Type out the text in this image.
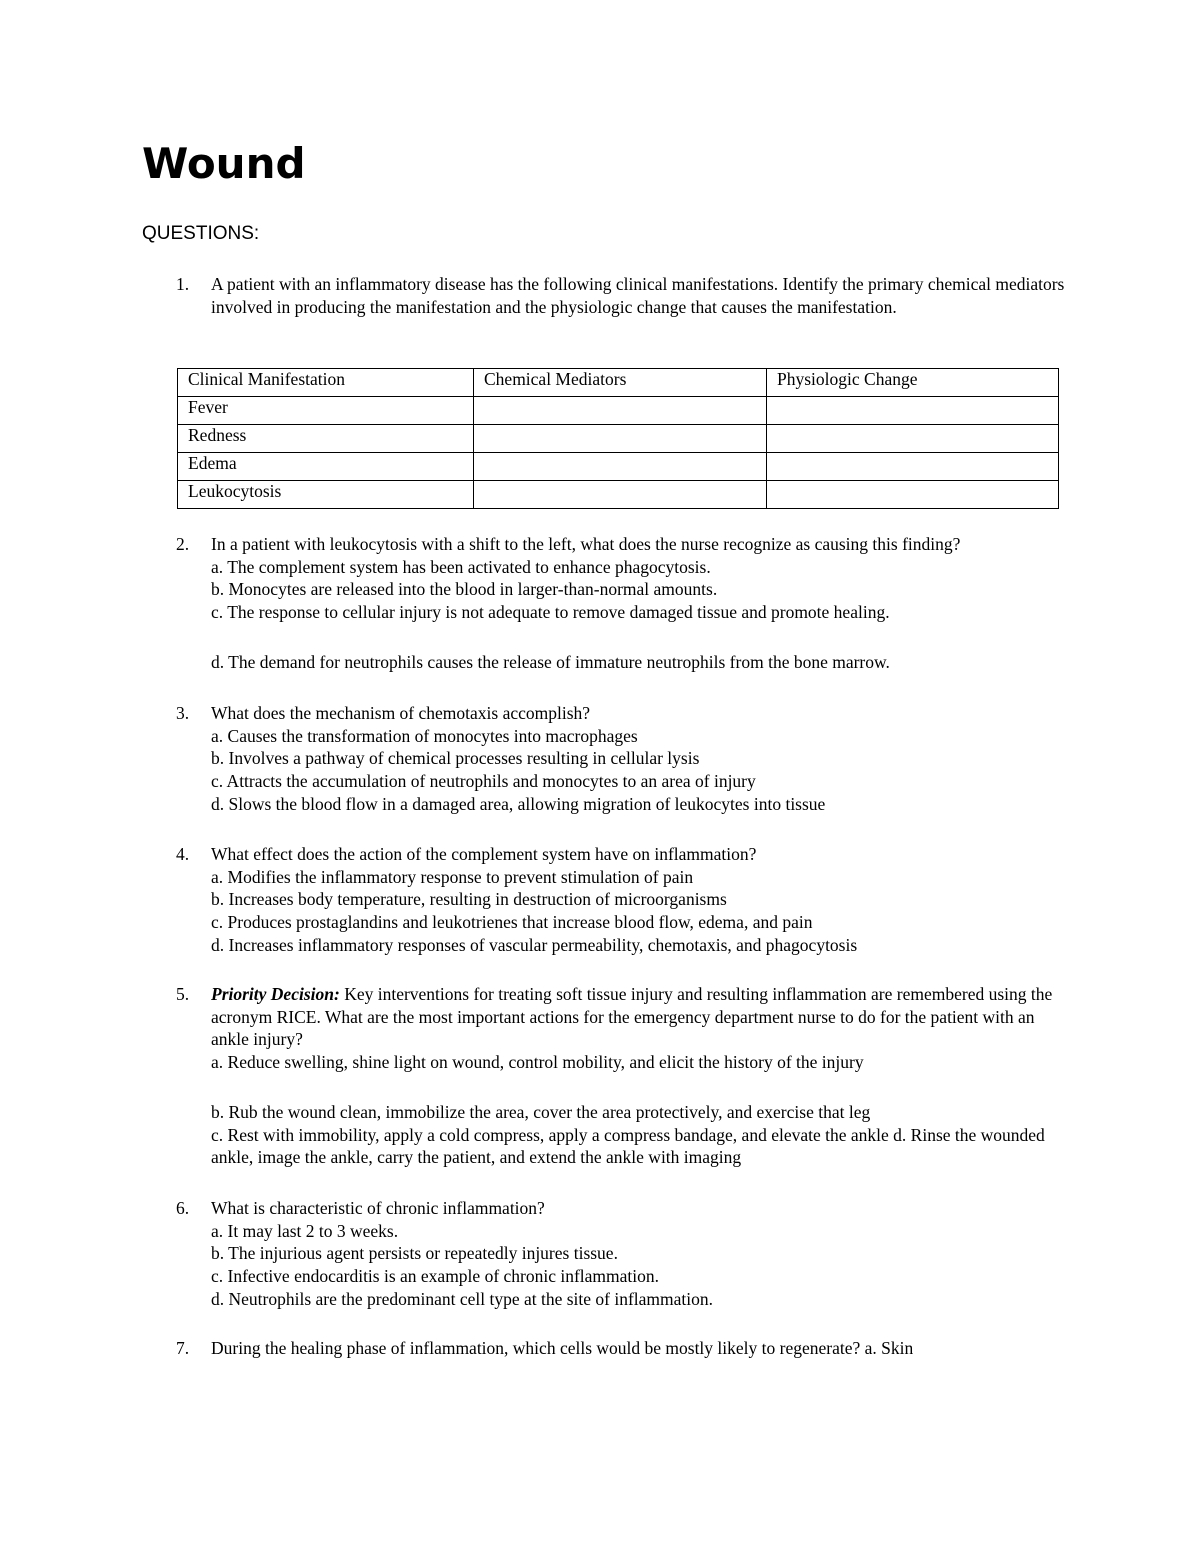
Wound
QUESTIONS:
1. A patient with an inflammatory disease has the following clinical manifestations. Identify the primary chemical mediators involved in producing the manifestation and the physiologic change that causes the manifestation.
Clinical Manifestation	Chemical Mediators	Physiologic Change
Fever		
Redness		
Edema		
Leukocytosis		
2. In a patient with leukocytosis with a shift to the left, what does the nurse recognize as causing this finding?
a. The complement system has been activated to enhance phagocytosis.
b. Monocytes are released into the blood in larger-than-normal amounts.
c. The response to cellular injury is not adequate to remove damaged tissue and promote healing.
d. The demand for neutrophils causes the release of immature neutrophils from the bone marrow.
3. What does the mechanism of chemotaxis accomplish?
a. Causes the transformation of monocytes into macrophages
b. Involves a pathway of chemical processes resulting in cellular lysis
c. Attracts the accumulation of neutrophils and monocytes to an area of injury
d. Slows the blood flow in a damaged area, allowing migration of leukocytes into tissue
4. What effect does the action of the complement system have on inflammation?
a. Modifies the inflammatory response to prevent stimulation of pain
b. Increases body temperature, resulting in destruction of microorganisms
c. Produces prostaglandins and leukotrienes that increase blood flow, edema, and pain
d. Increases inflammatory responses of vascular permeability, chemotaxis, and phagocytosis
5. Priority Decision: Key interventions for treating soft tissue injury and resulting inflammation are remembered using the acronym RICE. What are the most important actions for the emergency department nurse to do for the patient with an ankle injury?
a. Reduce swelling, shine light on wound, control mobility, and elicit the history of the injury
b. Rub the wound clean, immobilize the area, cover the area protectively, and exercise that leg
c. Rest with immobility, apply a cold compress, apply a compress bandage, and elevate the ankle d. Rinse the wounded ankle, image the ankle, carry the patient, and extend the ankle with imaging
6. What is characteristic of chronic inflammation?
a. It may last 2 to 3 weeks.
b. The injurious agent persists or repeatedly injures tissue.
c. Infective endocarditis is an example of chronic inflammation.
d. Neutrophils are the predominant cell type at the site of inflammation.
7. During the healing phase of inflammation, which cells would be mostly likely to regenerate? a. Skin
